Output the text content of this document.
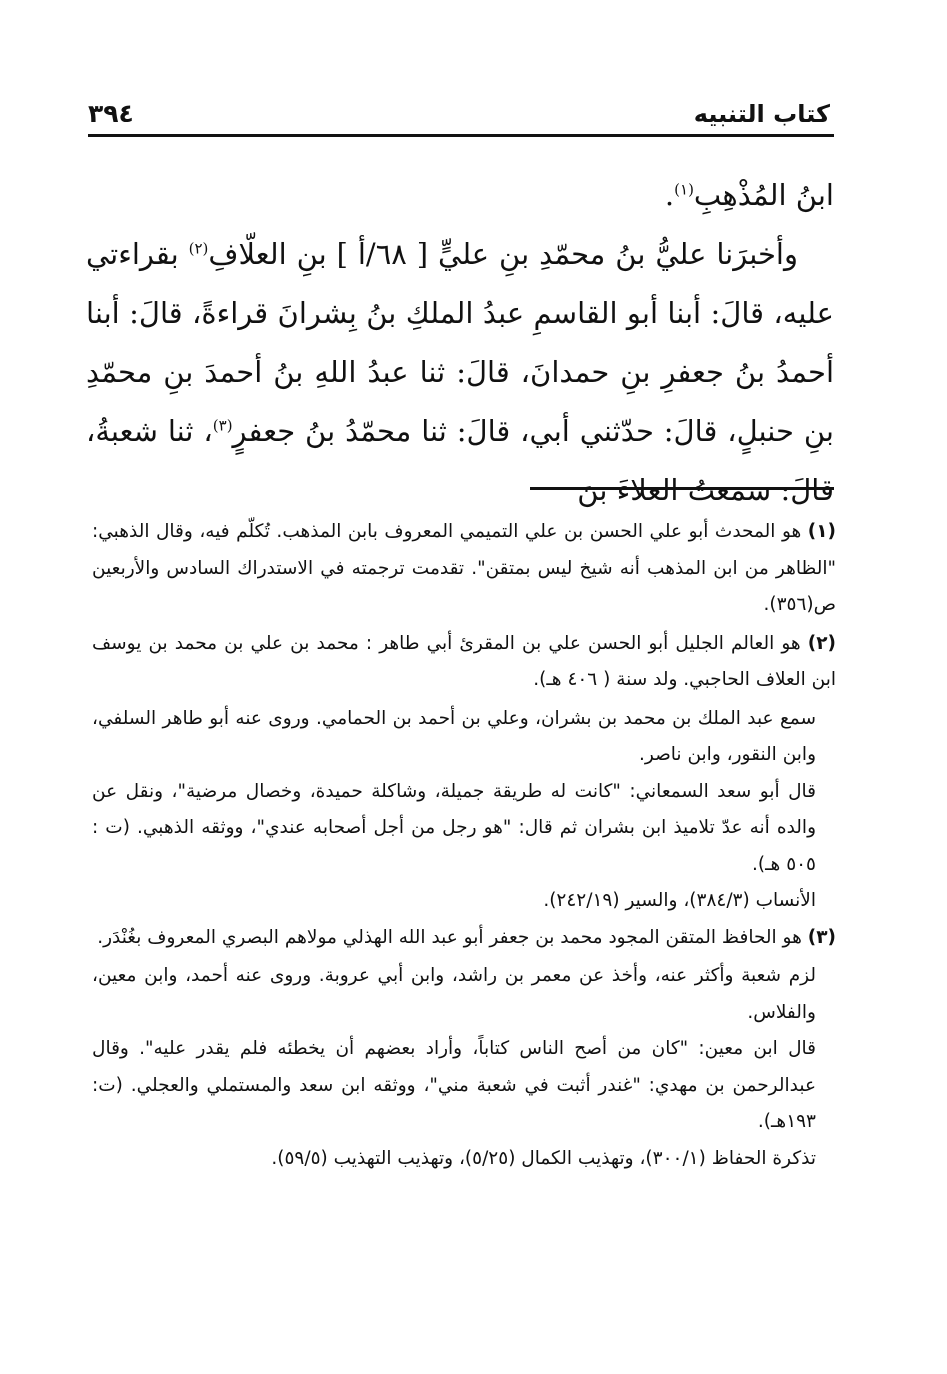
٣٩٤	كتاب التنبيه

ابنُ المُذْهِبِ$^{(١)}$.

وأخبرَنا عليُّ بنُ محمّدِ بنِ عليٍّ [ ٦٨/أ ] بنِ العلّافِ$^{(٢)}$ بقراءتي عليه، قالَ: أبنا أبو القاسمِ عبدُ الملكِ بنُ بِشرانَ قراءةً، قالَ: أبنا أحمدُ بنُ جعفرِ بنِ حمدانَ، قالَ: ثنا عبدُ اللهِ بنُ أحمدَ بنِ محمّدِ بنِ حنبلٍ، قالَ: حدّثني أبي، قالَ: ثنا محمّدُ بنُ جعفرٍ$^{(٣)}$، ثنا شعبةُ، قالَ: سمعتُ العلاءَ بنَ

(١) هو المحدث أبو علي الحسن بن علي التميمي المعروف بابن المذهب. تُكلّم فيه، وقال الذهبي: "الظاهر من ابن المذهب أنه شيخ ليس بمتقن". تقدمت ترجمته في الاستدراك السادس والأربعين ص(٣٥٦).

(٢) هو العالم الجليل أبو الحسن علي بن المقرئ أبي طاهر : محمد بن علي بن محمد بن يوسف ابن العلاف الحاجبي. ولد سنة ( ٤٠٦ هـ).

سمع عبد الملك بن محمد بن بشران، وعلي بن أحمد بن الحمامي. وروى عنه أبو طاهر السلفي، وابن النقور، وابن ناصر.

قال أبو سعد السمعاني: "كانت له طريقة جميلة، وشاكلة حميدة، وخصال مرضية"، ونقل عن والده أنه عدّ تلاميذ ابن بشران ثم قال: "هو رجل من أجل أصحابه عندي"، ووثقه الذهبي. (ت : ٥٠٥ هـ).

الأنساب (٣٨٤/٣)، والسير (٢٤٢/١٩).

(٣) هو الحافظ المتقن المجود محمد بن جعفر أبو عبد الله الهذلي مولاهم البصري المعروف بغُنْدَر.

لزم شعبة وأكثر عنه، وأخذ عن معمر بن راشد، وابن أبي عروبة. وروى عنه أحمد، وابن معين، والفلاس.

قال ابن معين: "كان من أصح الناس كتاباً، وأراد بعضهم أن يخطئه فلم يقدر عليه". وقال عبدالرحمن بن مهدي: "غندر أثبت في شعبة مني"، ووثقه ابن سعد والمستملي والعجلي. (ت: ١٩٣هـ).

تذكرة الحفاظ (٣٠٠/١)، وتهذيب الكمال (٥/٢٥)، وتهذيب التهذيب (٥٩/٥).
